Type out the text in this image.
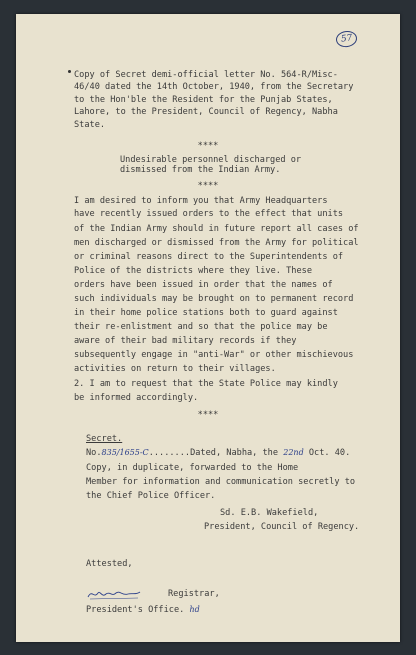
57
Copy of Secret demi-official letter No. 564-R/Misc-
46/40 dated the 14th October, 1940, from the Secretary
to the Hon'ble the Resident for the Punjab States,
Lahore, to the President, Council of Regency, Nabha
State.
****
Undesirable personnel discharged or
dismissed from the Indian Army.
****
I am desired to inform you that Army Headquarters
have recently issued orders to the effect that units
of the Indian Army should in future report all cases of
men discharged or dismissed from the Army for political
or criminal reasons direct to the Superintendents of
Police of the districts where they live. These
orders have been issued in order that the names of
such individuals may be brought on to permanent record
in their home police stations both to guard against
their re-enlistment and so that the police may be
aware of their bad military records if they
subsequently engage in "anti-War" or other mischievous
activities on return to their villages.
2. I am to request that the State Police may kindly
be informed accordingly.
****
Secret.
No.835/1655-C........Dated, Nabha, the 22nd Oct. 40.
Copy, in duplicate, forwarded to the Home
Member for information and communication secretly to
the Chief Police Officer.
Sd. E.B. Wakefield,
President, Council of Regency.
Attested,
Registrar,
President's Office. hd
